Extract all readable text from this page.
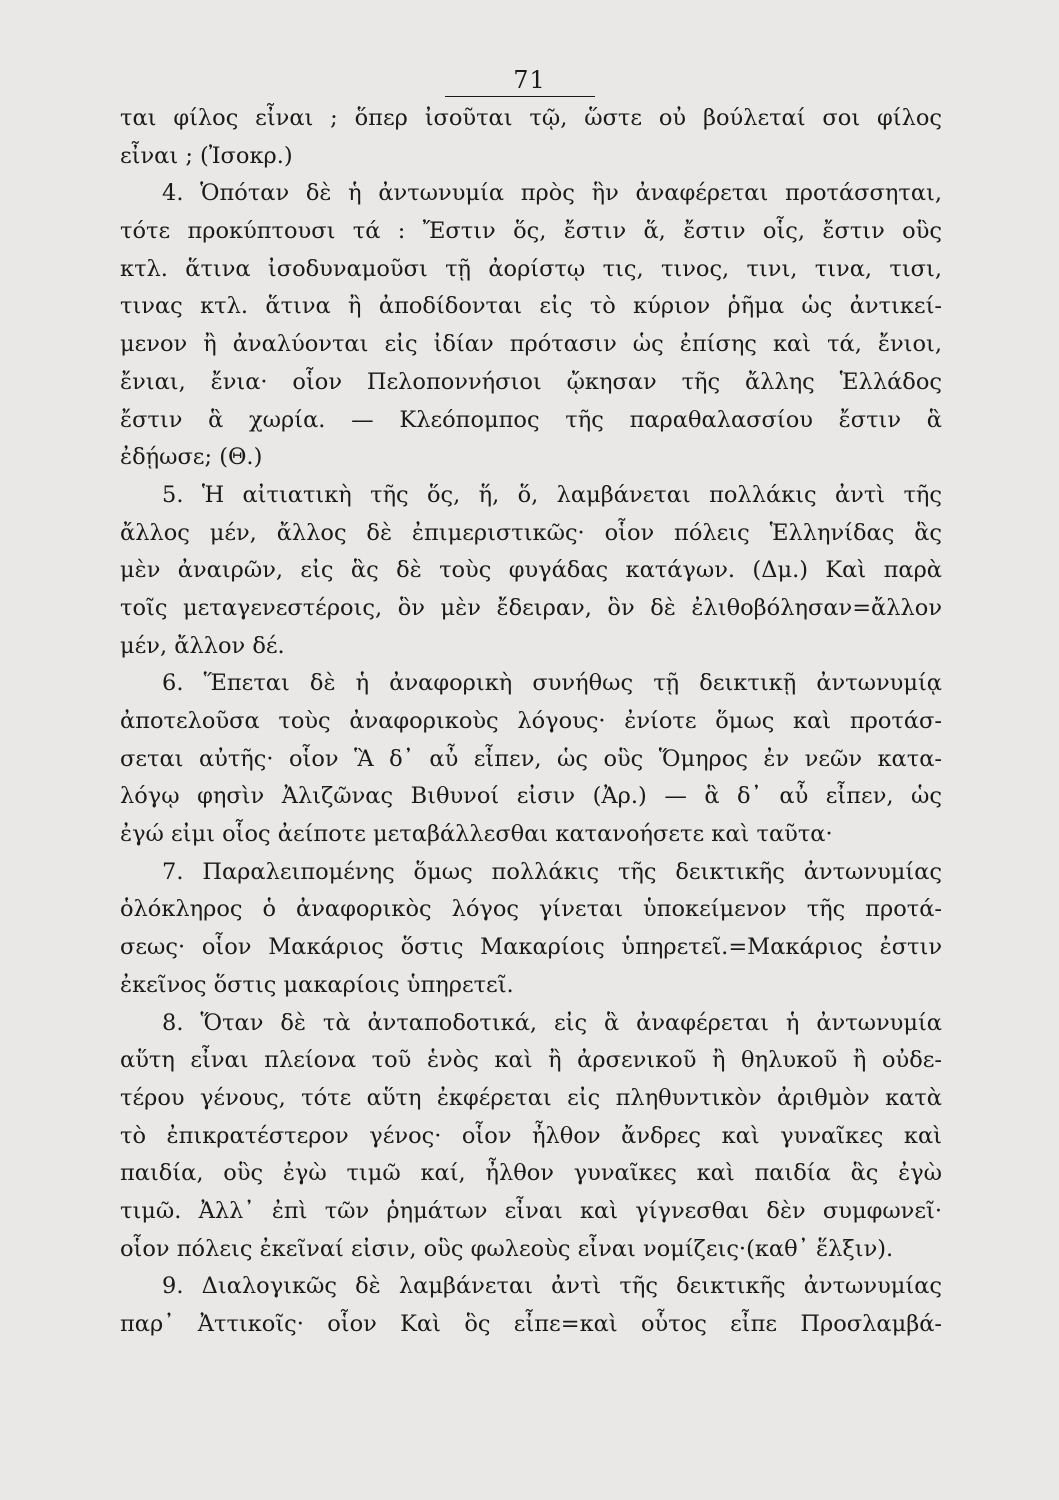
71
ται φίλος εἶναι ; ὅπερ ἰσοῦται τῷ, ὥστε οὐ βούλεταί σοι φίλος
εἶναι ; (Ἰσοκρ.)
4. Ὁπόταν δὲ ἡ ἀντωνυμία πρὸς ἣν ἀναφέρεται προτάσσηται,
τότε προκύπτουσι τά : Ἔστιν ὅς, ἔστιν ἅ, ἔστιν οἷς, ἔστιν οὓς
κτλ. ἅτινα ἰσοδυναμοῦσι τῇ ἀορίστῳ τις, τινος, τινι, τινα, τισι,
τινας κτλ. ἅτινα ἢ ἀποδίδονται εἰς τὸ κύριον ῥῆμα ὡς ἀντικεί-
μενον ἢ ἀναλύονται εἰς ἰδίαν πρότασιν ὡς ἐπίσης καὶ τά, ἔνιοι,
ἔνιαι, ἔνια· οἷον Πελοποννήσιοι ᾤκησαν τῆς ἄλλης Ἑλλάδος
ἔστιν ἃ χωρία. — Κλεόπομπος τῆς παραθαλασσίου ἔστιν ἃ
ἐδῄωσε; (Θ.)
5. Ἡ αἰτιατικὴ τῆς ὅς, ἥ, ὅ, λαμβάνεται πολλάκις ἀντὶ τῆς
ἄλλος μέν, ἄλλος δὲ ἐπιμεριστικῶς· οἷον πόλεις Ἑλληνίδας ἃς
μὲν ἀναιρῶν, εἰς ἃς δὲ τοὺς φυγάδας κατάγων. (Δμ.) Καὶ παρὰ
τοῖς μεταγενεστέροις, ὃν μὲν ἔδειραν, ὃν δὲ ἐλιθοβόλησαν=ἄλλον
μέν, ἄλλον δέ.
6. Ἕπεται δὲ ἡ ἀναφορικὴ συνήθως τῇ δεικτικῇ ἀντωνυμίᾳ
ἀποτελοῦσα τοὺς ἀναφορικοὺς λόγους· ἐνίοτε ὅμως καὶ προτάσ-
σεται αὐτῆς· οἷον Ἃ δ᾽ αὖ εἶπεν, ὡς οὓς Ὅμηρος ἐν νεῶν κατα-
λόγῳ φησὶν Ἀλιζῶνας Βιθυνοί εἰσιν (Ἀρ.) — ἃ δ᾽ αὖ εἶπεν, ὡς
ἐγώ εἰμι οἷος ἀείποτε μεταβάλλεσθαι κατανοήσετε καὶ ταῦτα·
7. Παραλειπομένης ὅμως πολλάκις τῆς δεικτικῆς ἀντωνυμίας
ὁλόκληρος ὁ ἀναφορικὸς λόγος γίνεται ὑποκείμενον τῆς προτά-
σεως· οἷον Μακάριος ὅστις Μακαρίοις ὑπηρετεῖ.=Μακάριος ἐστιν
ἐκεῖνος ὅστις μακαρίοις ὑπηρετεῖ.
8. Ὅταν δὲ τὰ ἀνταποδοτικά, εἰς ἃ ἀναφέρεται ἡ ἀντωνυμία
αὕτη εἶναι πλείονα τοῦ ἑνὸς καὶ ἢ ἀρσενικοῦ ἢ θηλυκοῦ ἢ οὐδε-
τέρου γένους, τότε αὕτη ἐκφέρεται εἰς πληθυντικὸν ἀριθμὸν κατὰ
τὸ ἐπικρατέστερον γένος· οἷον ἦλθον ἄνδρες καὶ γυναῖκες καὶ
παιδία, οὓς ἐγὼ τιμῶ καί, ἦλθον γυναῖκες καὶ παιδία ἃς ἐγὼ
τιμῶ. Ἀλλ᾽ ἐπὶ τῶν ῥημάτων εἶναι καὶ γίγνεσθαι δὲν συμφωνεῖ·
οἷον πόλεις ἐκεῖναί εἰσιν, οὓς φωλεοὺς εἶναι νομίζεις·(καθ᾽ ἕλξιν).
9. Διαλογικῶς δὲ λαμβάνεται ἀντὶ τῆς δεικτικῆς ἀντωνυμίας
παρ᾽ Ἀττικοῖς· οἷον Καὶ ὃς εἶπε=καὶ οὗτος εἶπε Προσλαμβά-
